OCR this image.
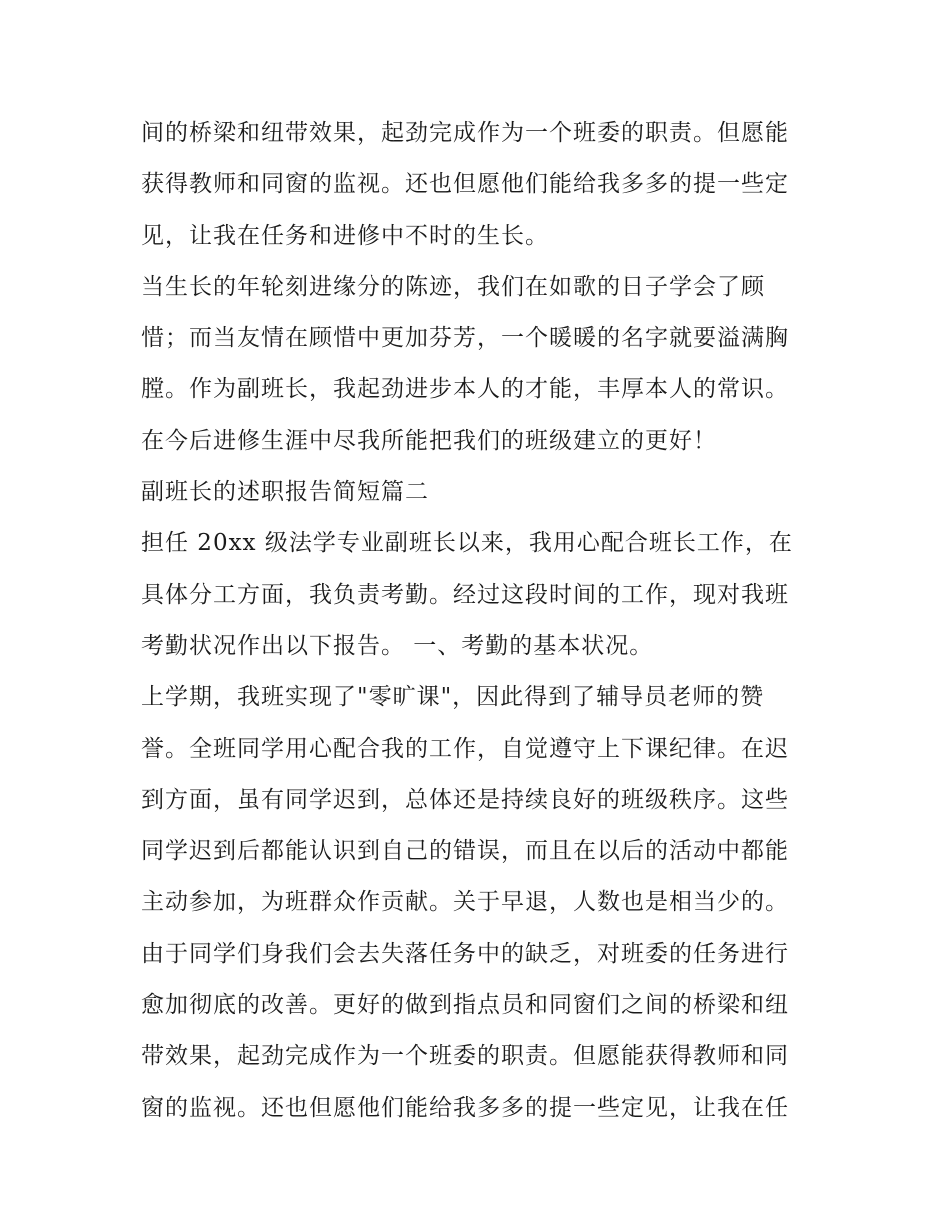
间的桥梁和纽带效果，起劲完成作为一个班委的职责。但愿能
获得教师和同窗的监视。还也但愿他们能给我多多的提一些定
见，让我在任务和进修中不时的生长。
当生长的年轮刻进缘分的陈迹，我们在如歌的日子学会了顾
惜；而当友情在顾惜中更加芬芳，一个暖暖的名字就要溢满胸
膛。作为副班长，我起劲进步本人的才能，丰厚本人的常识。
在今后进修生涯中尽我所能把我们的班级建立的更好！
副班长的述职报告简短篇二
担任 20xx 级法学专业副班长以来，我用心配合班长工作，在
具体分工方面，我负责考勤。经过这段时间的工作，现对我班
考勤状况作出以下报告。 一、考勤的基本状况。
上学期，我班实现了"零旷课"，因此得到了辅导员老师的赞
誉。全班同学用心配合我的工作，自觉遵守上下课纪律。在迟
到方面，虽有同学迟到，总体还是持续良好的班级秩序。这些
同学迟到后都能认识到自己的错误，而且在以后的活动中都能
主动参加，为班群众作贡献。关于早退，人数也是相当少的。
由于同学们身我们会去失落任务中的缺乏，对班委的任务进行
愈加彻底的改善。更好的做到指点员和同窗们之间的桥梁和纽
带效果，起劲完成作为一个班委的职责。但愿能获得教师和同
窗的监视。还也但愿他们能给我多多的提一些定见，让我在任
